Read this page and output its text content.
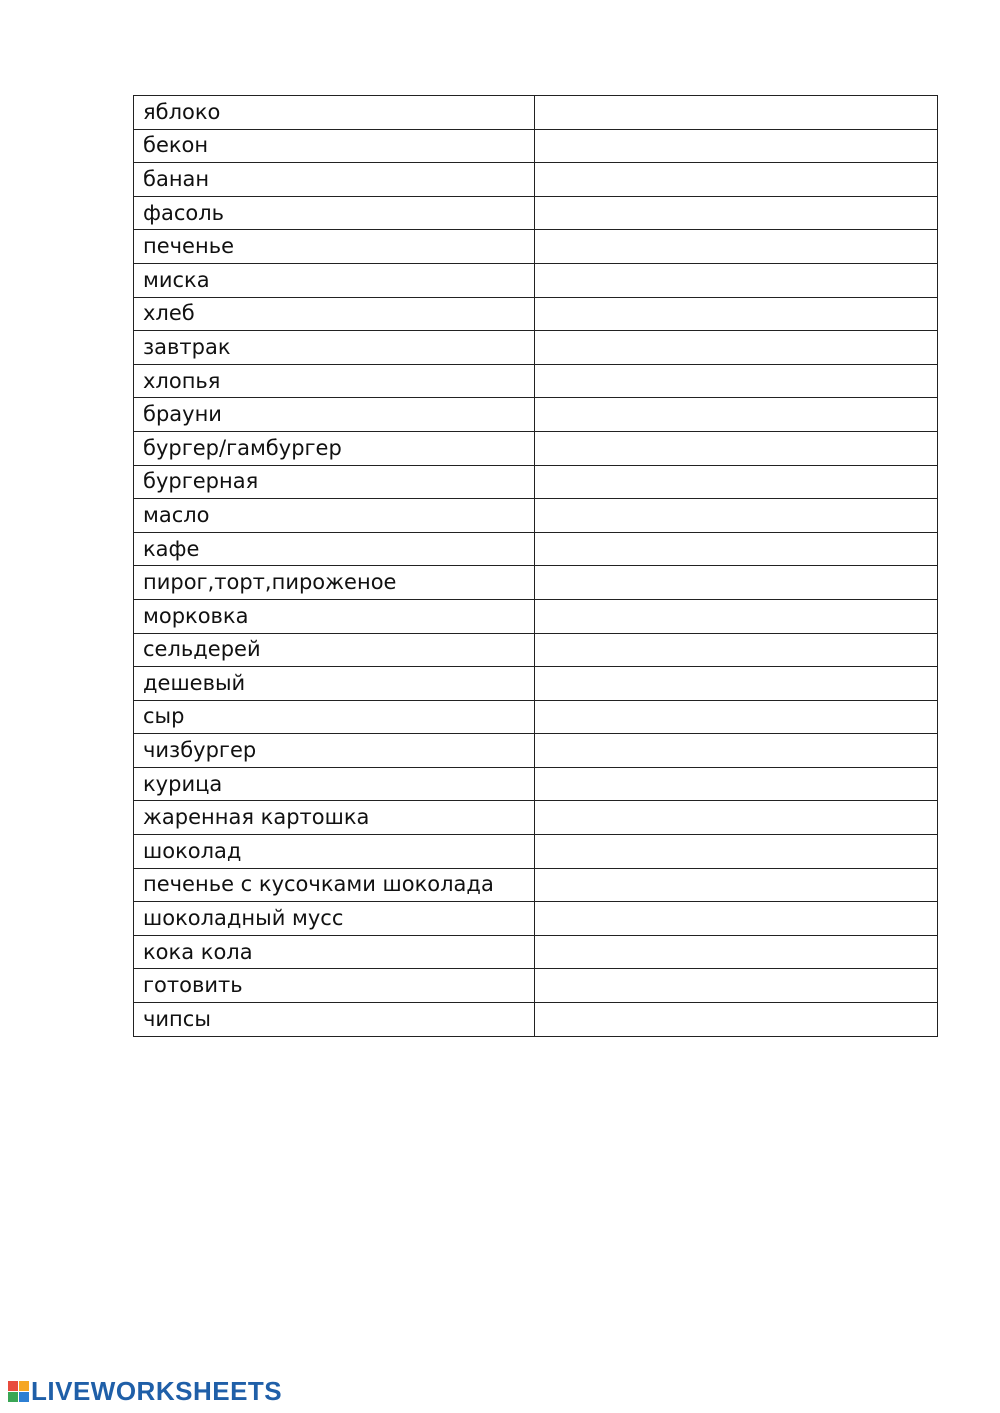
яблоко	
бекон	
банан	
фасоль	
печенье	
миска	
хлеб	
завтрак	
хлопья	
брауни	
бургер/гамбургер	
бургерная	
масло	
кафе	
пирог,торт,пироженое	
морковка	
сельдерей	
дешевый	
сыр	
чизбургер	
курица	
жаренная картошка	
шоколад	
печенье с кусочками шоколада	
шоколадный мусс	
кока кола	
готовить	
чипсы	
LIVEWORKSHEETS
